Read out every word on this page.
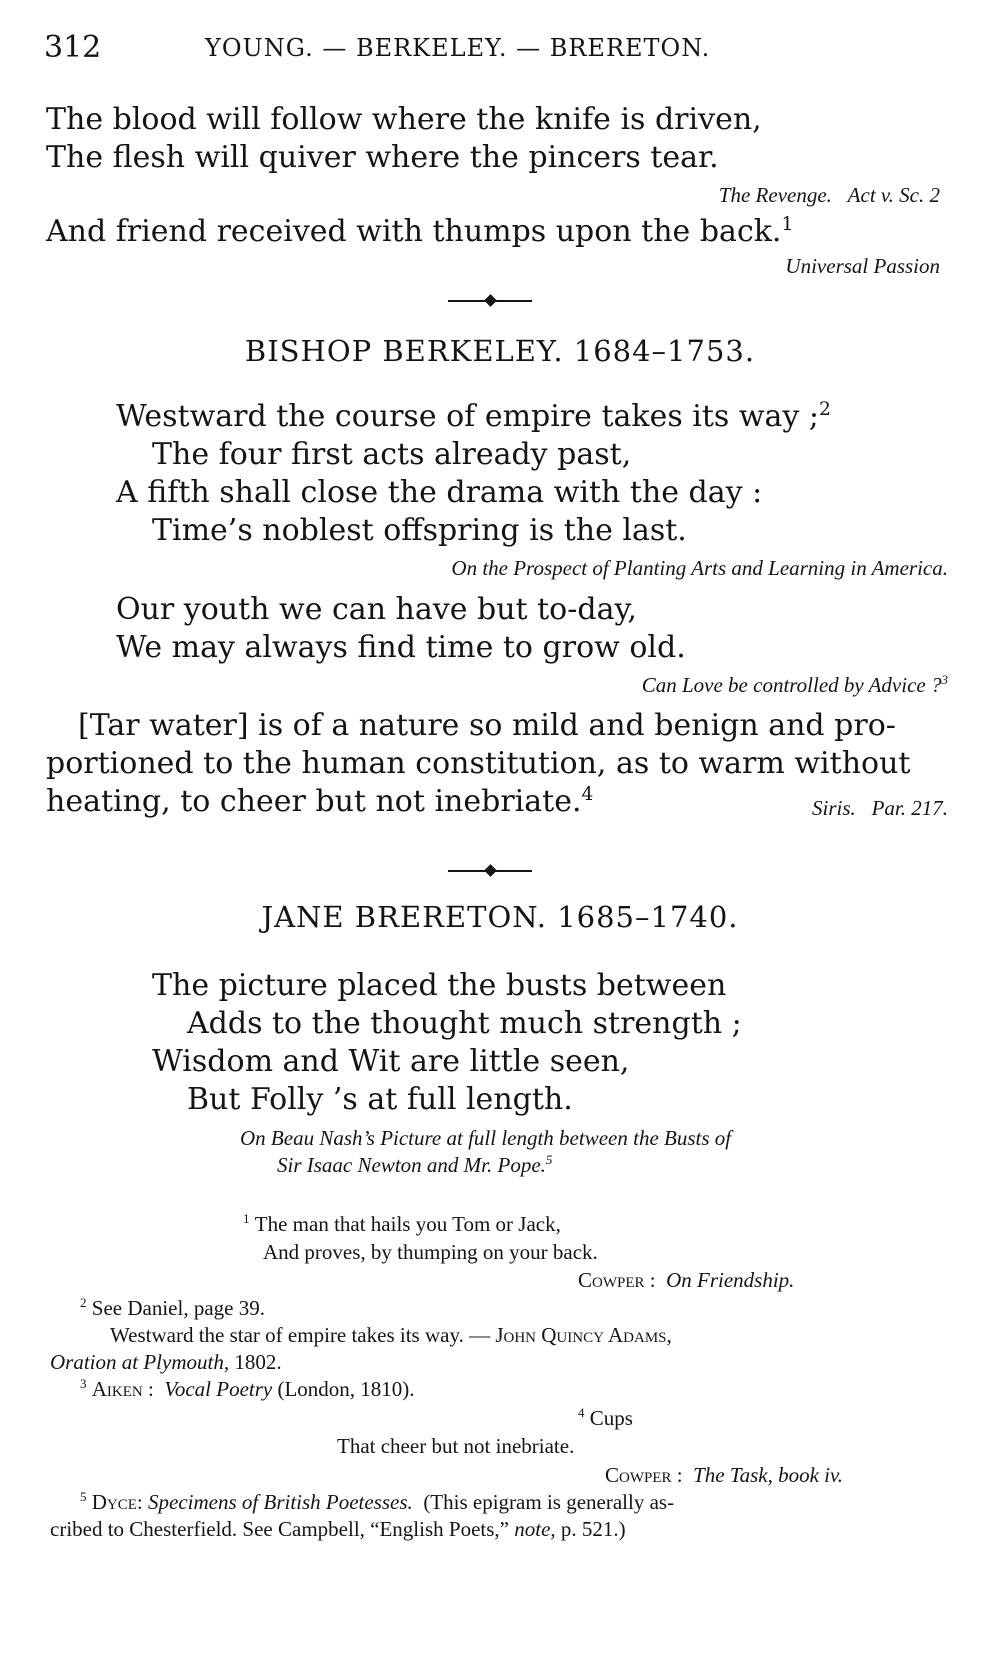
312	YOUNG. — BERKELEY. — BRERETON.
The blood will follow where the knife is driven,
The flesh will quiver where the pincers tear.
The Revenge. Act v. Sc. 2
And friend received with thumps upon the back.$^1$
Universal Passion
BISHOP BERKELEY. 1684–1753.
Westward the course of empire takes its way ;$^2$
The four first acts already past,
A fifth shall close the drama with the day :
Time’s noblest offspring is the last.
On the Prospect of Planting Arts and Learning in America.
Our youth we can have but to-day,
We may always find time to grow old.
Can Love be controlled by Advice ?$^3$
[Tar water] is of a nature so mild and benign and pro-
portioned to the human constitution, as to warm without
heating, to cheer but not inebriate.$^4$
Siris. Par. 217.
JANE BRERETON. 1685–1740.
The picture placed the busts between
Adds to the thought much strength ;
Wisdom and Wit are little seen,
But Folly ’s at full length.
On Beau Nash’s Picture at full length between the Busts of
Sir Isaac Newton and Mr. Pope.$^5$
$^1$ The man that hails you Tom or Jack,
And proves, by thumping on your back.
Cowper : On Friendship.
$^2$ See Daniel, page 39.
Westward the star of empire takes its way. — John Quincy Adams,
Oration at Plymouth, 1802.
$^3$ Aiken : Vocal Poetry (London, 1810).
$^4$ Cups
That cheer but not inebriate.
Cowper : The Task, book iv.
$^5$ Dyce: Specimens of British Poetesses. (This epigram is generally as-
cribed to Chesterfield. See Campbell, “English Poets,” note, p. 521.)
